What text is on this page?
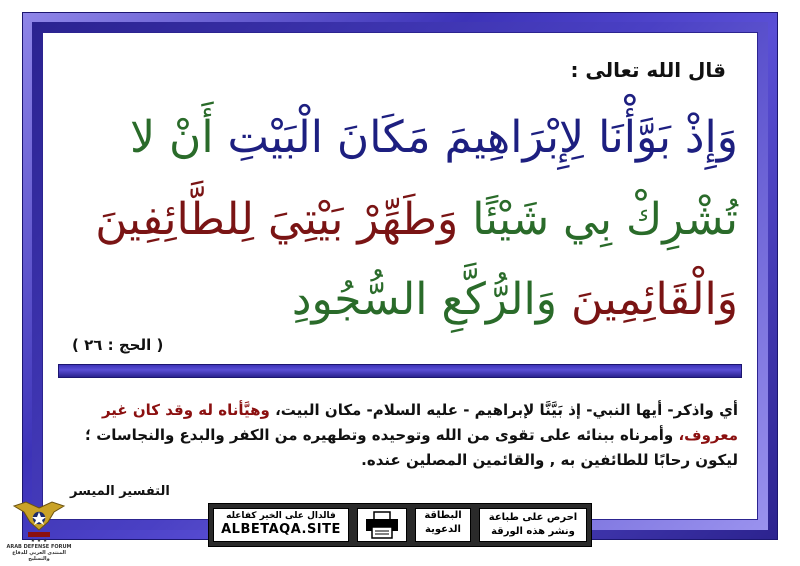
قال الله تعالى :
وَإِذْ بَوَّأْنَا لِإِبْرَاهِيمَ مَكَانَ الْبَيْتِ أَنْ لا
تُشْرِكْ بِي شَيْئًا وَطَهِّرْ بَيْتِيَ لِلطَّائِفِينَ
وَالْقَائِمِينَ وَالرُّكَّعِ السُّجُودِ
( الحج : ٢٦ )
أي واذكر- أيها النبي- إذ بَيَّنَّا لإبراهيم - عليه السلام- مكان البيت، وهيَّأناه له وقد كان غير معروف، وأمرناه ببنائه على تقوى من الله وتوحيده وتطهيره من الكفر والبدع والنجاسات ؛ ليكون رحابًا للطائفين به , والقائمين المصلين عنده.
التفسير الميسر
فالدال على الخير كفاعله
ALBETAQA.SITE
البطاقة
الدعوية
احرص على طباعة
ونشر هذه الورقة
★ ★ ★
ARAB DEFENSE FORUM
المنتدى العربي للدفاع والتسليح
